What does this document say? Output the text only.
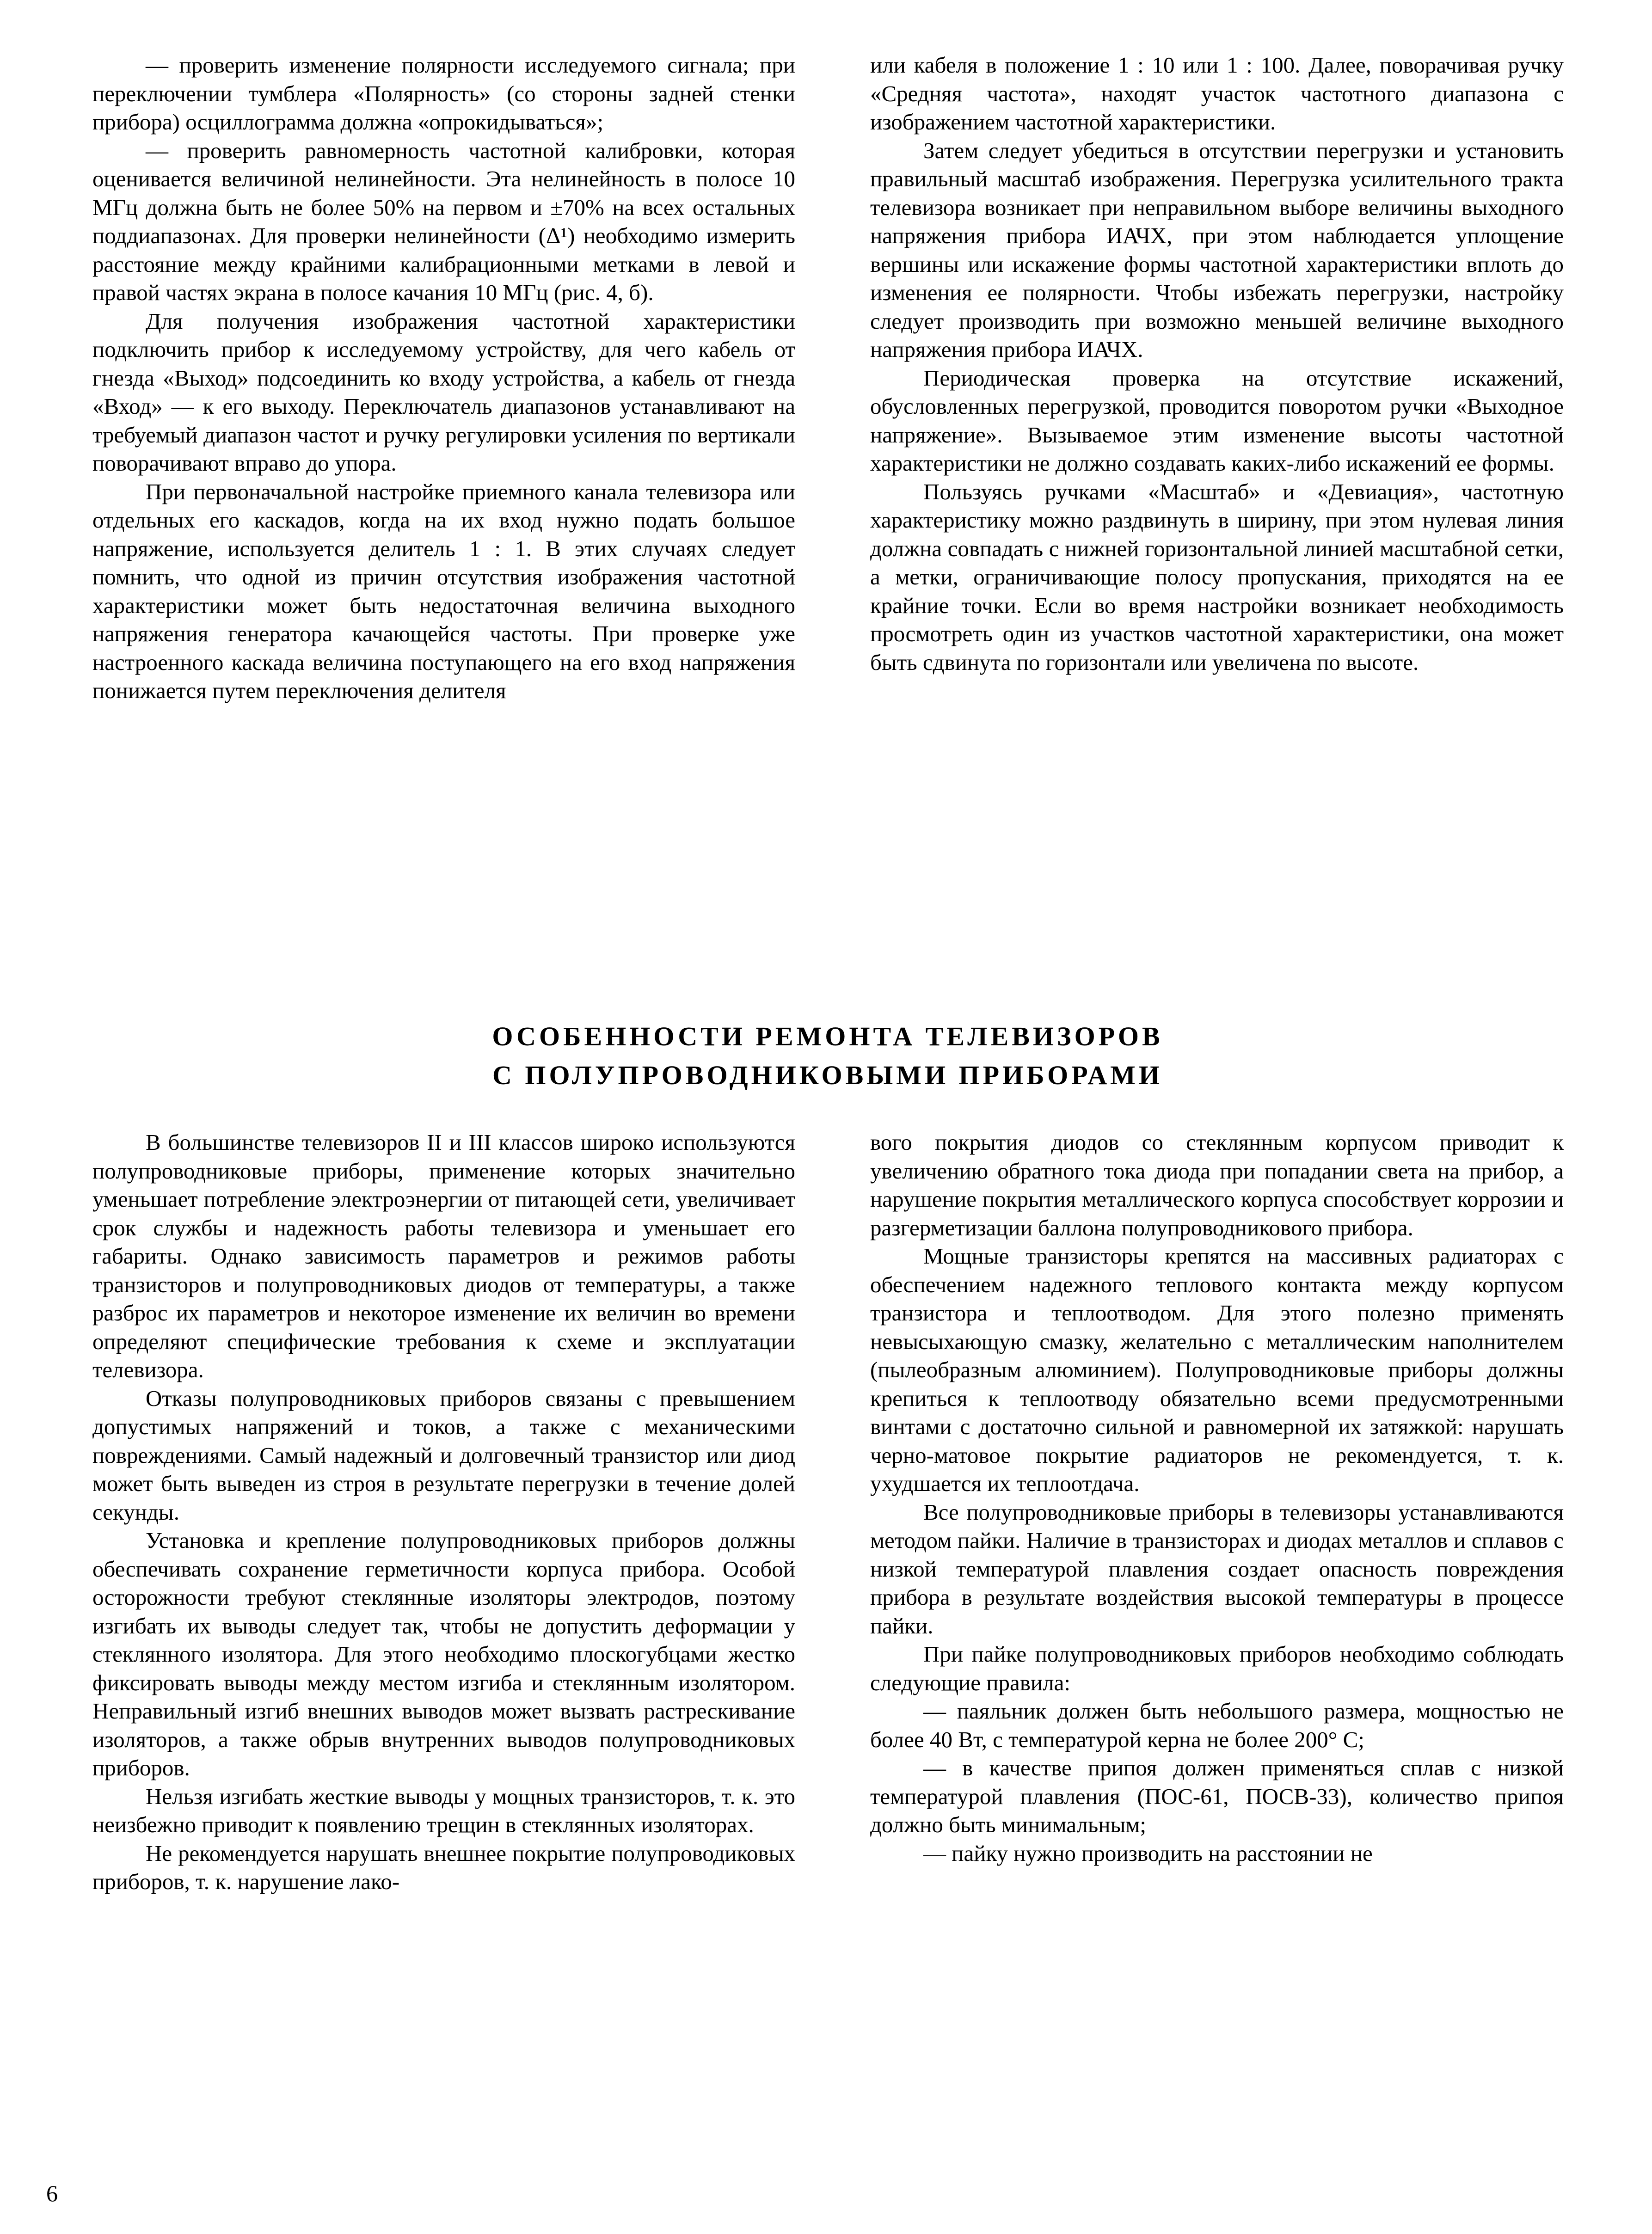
— проверить изменение полярности исследуемого сигнала; при переключении тумблера «Полярность» (со стороны задней стенки прибора) осциллограмма должна «опрокидываться»;

— проверить равномерность частотной калибровки, которая оценивается величиной нелинейности. Эта нелинейность в полосе 10 МГц должна быть не более 50% на первом и ±70% на всех остальных поддиапазонах. Для проверки нелинейности (Δ¹) необходимо измерить расстояние между крайними калибрационными метками в левой и правой частях экрана в полосе качания 10 МГц (рис. 4, б).

Для получения изображения частотной характеристики подключить прибор к исследуемому устройству, для чего кабель от гнезда «Выход» подсоединить ко входу устройства, а кабель от гнезда «Вход» — к его выходу. Переключатель диапазонов устанавливают на требуемый диапазон частот и ручку регулировки усиления по вертикали поворачивают вправо до упора.

При первоначальной настройке приемного канала телевизора или отдельных его каскадов, когда на их вход нужно подать большое напряжение, используется делитель 1 : 1. В этих случаях следует помнить, что одной из причин отсутствия изображения частотной характеристики может быть недостаточная величина выходного напряжения генератора качающейся частоты. При проверке уже настроенного каскада величина поступающего на его вход напряжения понижается путем переключения делителя

или кабеля в положение 1 : 10 или 1 : 100. Далее, поворачивая ручку «Средняя частота», находят участок частотного диапазона с изображением частотной характеристики.

Затем следует убедиться в отсутствии перегрузки и установить правильный масштаб изображения. Перегрузка усилительного тракта телевизора возникает при неправильном выборе величины выходного напряжения прибора ИАЧХ, при этом наблюдается уплощение вершины или искажение формы частотной характеристики вплоть до изменения ее полярности. Чтобы избежать перегрузки, настройку следует производить при возможно меньшей величине выходного напряжения прибора ИАЧХ.

Периодическая проверка на отсутствие искажений, обусловленных перегрузкой, проводится поворотом ручки «Выходное напряжение». Вызываемое этим изменение высоты частотной характеристики не должно создавать каких-либо искажений ее формы.

Пользуясь ручками «Масштаб» и «Девиация», частотную характеристику можно раздвинуть в ширину, при этом нулевая линия должна совпадать с нижней горизонтальной линией масштабной сетки, а метки, ограничивающие полосу пропускания, приходятся на ее крайние точки. Если во время настройки возникает необходимость просмотреть один из участков частотной характеристики, она может быть сдвинута по горизонтали или увеличена по высоте.

ОСОБЕННОСТИ РЕМОНТА ТЕЛЕВИЗОРОВ
С ПОЛУПРОВОДНИКОВЫМИ ПРИБОРАМИ

В большинстве телевизоров II и III классов широко используются полупроводниковые приборы, применение которых значительно уменьшает потребление электроэнергии от питающей сети, увеличивает срок службы и надежность работы телевизора и уменьшает его габариты. Однако зависимость параметров и режимов работы транзисторов и полупроводниковых диодов от температуры, а также разброс их параметров и некоторое изменение их величин во времени определяют специфические требования к схеме и эксплуатации телевизора.

Отказы полупроводниковых приборов связаны с превышением допустимых напряжений и токов, а также с механическими повреждениями. Самый надежный и долговечный транзистор или диод может быть выведен из строя в результате перегрузки в течение долей секунды.

Установка и крепление полупроводниковых приборов должны обеспечивать сохранение герметичности корпуса прибора. Особой осторожности требуют стеклянные изоляторы электродов, поэтому изгибать их выводы следует так, чтобы не допустить деформации у стеклянного изолятора. Для этого необходимо плоскогубцами жестко фиксировать выводы между местом изгиба и стеклянным изолятором. Неправильный изгиб внешних выводов может вызвать растрескивание изоляторов, а также обрыв внутренних выводов полупроводниковых приборов.

Нельзя изгибать жесткие выводы у мощных транзисторов, т. к. это неизбежно приводит к появлению трещин в стеклянных изоляторах.

Не рекомендуется нарушать внешнее покрытие полупроводиковых приборов, т. к. нарушение лако-

вого покрытия диодов со стеклянным корпусом приводит к увеличению обратного тока диода при попадании света на прибор, а нарушение покрытия металлического корпуса способствует коррозии и разгерметизации баллона полупроводникового прибора.

Мощные транзисторы крепятся на массивных радиаторах с обеспечением надежного теплового контакта между корпусом транзистора и теплоотводом. Для этого полезно применять невысыхающую смазку, желательно с металлическим наполнителем (пылеобразным алюминием). Полупроводниковые приборы должны крепиться к теплоотводу обязательно всеми предусмотренными винтами с достаточно сильной и равномерной их затяжкой: нарушать черно-матовое покрытие радиаторов не рекомендуется, т. к. ухудшается их теплоотдача.

Все полупроводниковые приборы в телевизоры устанавливаются методом пайки. Наличие в транзисторах и диодах металлов и сплавов с низкой температурой плавления создает опасность повреждения прибора в результате воздействия высокой температуры в процессе пайки.

При пайке полупроводниковых приборов необходимо соблюдать следующие правила:

— паяльник должен быть небольшого размера, мощностью не более 40 Вт, с температурой керна не более 200° С;

— в качестве припоя должен применяться сплав с низкой температурой плавления (ПОС-61, ПОСВ-33), количество припоя должно быть минимальным;

— пайку нужно производить на расстоянии не

6
